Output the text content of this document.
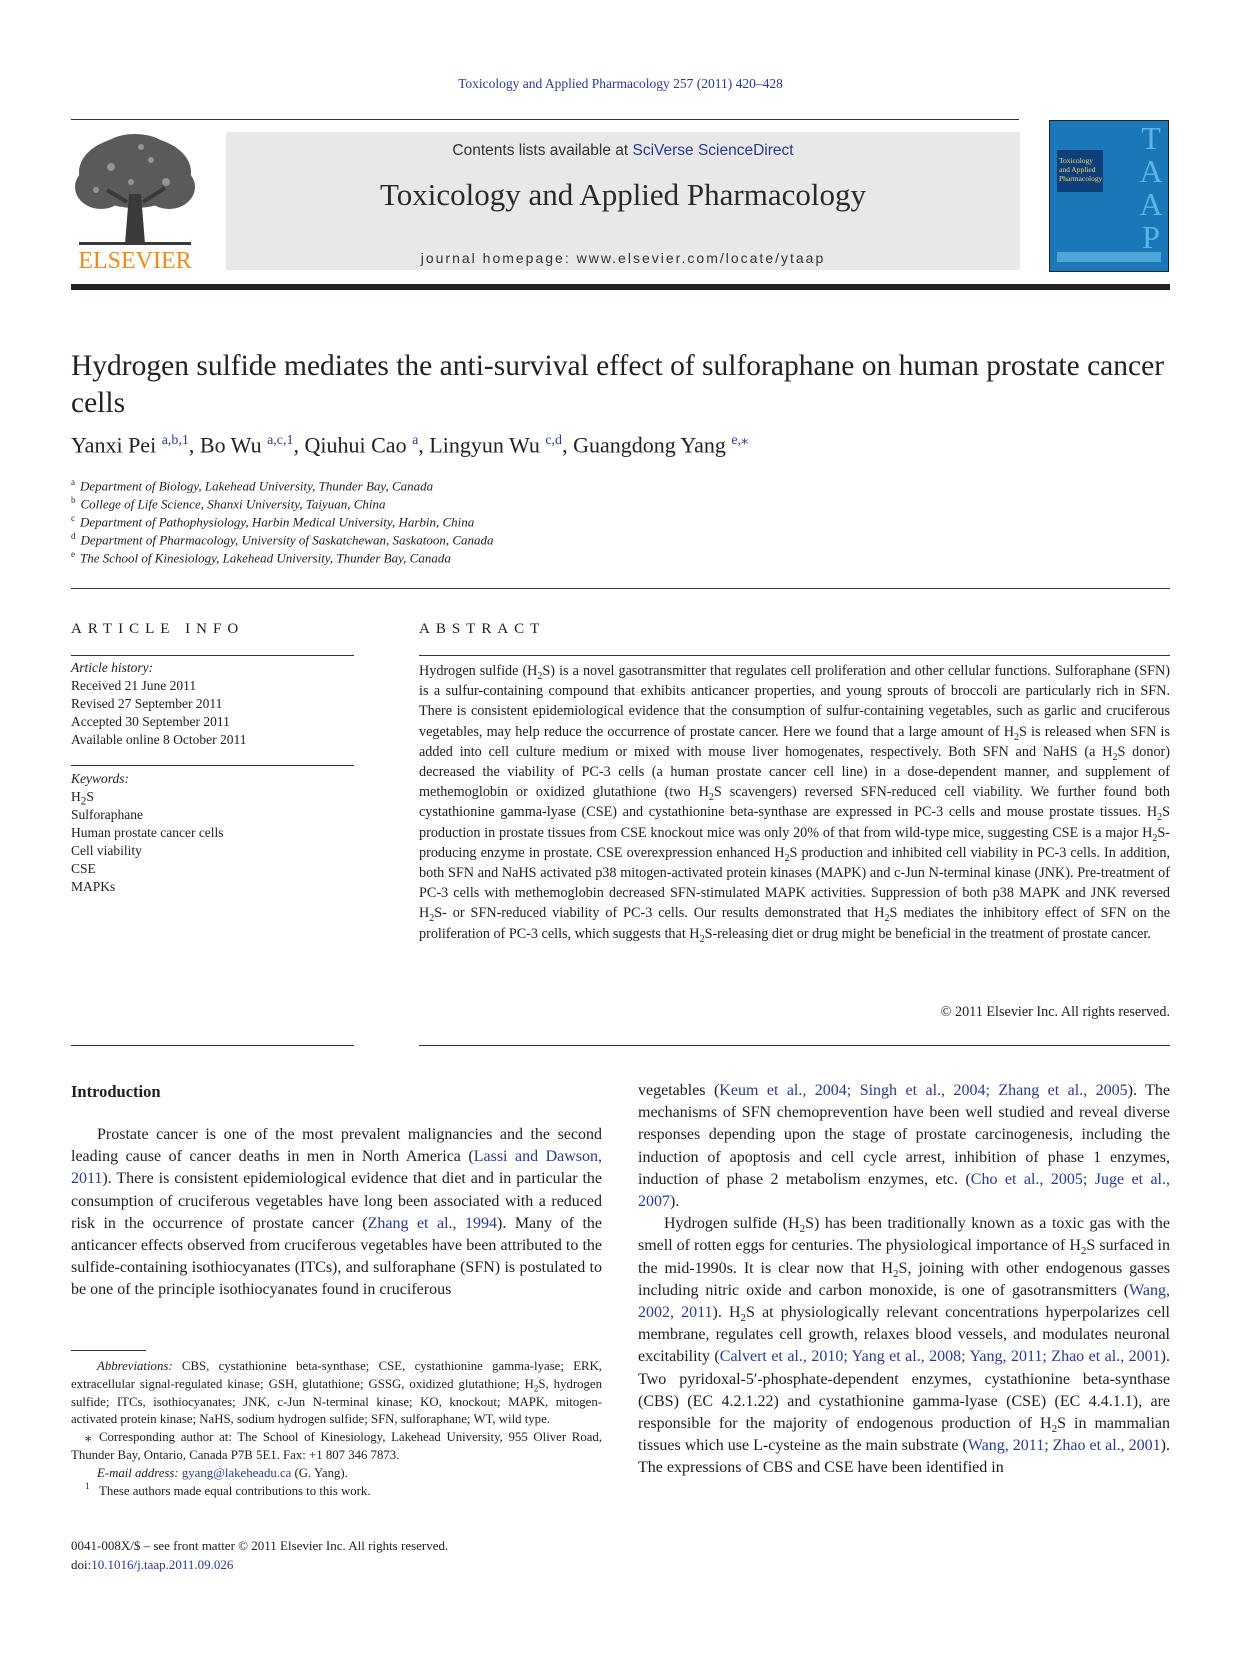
Toxicology and Applied Pharmacology 257 (2011) 420–428
ELSEVIER
Contents lists available at SciVerse ScienceDirect
Toxicology and Applied Pharmacology
journal homepage: www.elsevier.com/locate/ytaap
Toxicology
and Applied
Pharmacology
T
A
A
P
Hydrogen sulfide mediates the anti-survival effect of sulforaphane on human prostate cancer cells
Yanxi Pei $^{a,b,1}$, Bo Wu $^{a,c,1}$, Qiuhui Cao $^a$, Lingyun Wu $^{c,d}$, Guangdong Yang $^{e,⁎}$
$^a$ Department of Biology, Lakehead University, Thunder Bay, Canada
$^b$ College of Life Science, Shanxi University, Taiyuan, China
$^c$ Department of Pathophysiology, Harbin Medical University, Harbin, China
$^d$ Department of Pharmacology, University of Saskatchewan, Saskatoon, Canada
$^e$ The School of Kinesiology, Lakehead University, Thunder Bay, Canada
ARTICLE INFO
Article history:
Received 21 June 2011
Revised 27 September 2011
Accepted 30 September 2011
Available online 8 October 2011
Keywords:
$H_2S$
Sulforaphane
Human prostate cancer cells
Cell viability
CSE
MAPKs
ABSTRACT
Hydrogen sulfide $(H_2S)$ is a novel gasotransmitter that regulates cell proliferation and other cellular functions. Sulforaphane (SFN) is a sulfur-containing compound that exhibits anticancer properties, and young sprouts of broccoli are particularly rich in SFN. There is consistent epidemiological evidence that the consumption of sulfur-containing vegetables, such as garlic and cruciferous vegetables, may help reduce the occurrence of prostate cancer. Here we found that a large amount of $H_2S$ is released when SFN is added into cell culture medium or mixed with mouse liver homogenates, respectively. Both SFN and NaHS (a $H_2S$ donor) decreased the viability of PC-3 cells (a human prostate cancer cell line) in a dose-dependent manner, and supplement of methemoglobin or oxidized glutathione (two $H_2S$ scavengers) reversed SFN-reduced cell viability. We further found both cystathionine gamma-lyase (CSE) and cystathionine beta-synthase are expressed in PC-3 cells and mouse prostate tissues. $H_2S$ production in prostate tissues from CSE knockout mice was only 20% of that from wild-type mice, suggesting CSE is a major $H_2S$-producing enzyme in prostate. CSE overexpression enhanced $H_2S$ production and inhibited cell viability in PC-3 cells. In addition, both SFN and NaHS activated p38 mitogen-activated protein kinases (MAPK) and c-Jun N-terminal kinase (JNK). Pre-treatment of PC-3 cells with methemoglobin decreased SFN-stimulated MAPK activities. Suppression of both p38 MAPK and JNK reversed $H_2S-$ or SFN-reduced viability of PC-3 cells. Our results demonstrated that $H_2S$ mediates the inhibitory effect of SFN on the proliferation of PC-3 cells, which suggests that $H_2S$-releasing diet or drug might be beneficial in the treatment of prostate cancer.
© 2011 Elsevier Inc. All rights reserved.
Introduction
Prostate cancer is one of the most prevalent malignancies and the second leading cause of cancer deaths in men in North America (Lassi and Dawson, 2011). There is consistent epidemiological evidence that diet and in particular the consumption of cruciferous vegetables have long been associated with a reduced risk in the occurrence of prostate cancer (Zhang et al., 1994). Many of the anticancer effects observed from cruciferous vegetables have been attributed to the sulfide-containing isothiocyanates (ITCs), and sulforaphane (SFN) is postulated to be one of the principle isothiocyanates found in cruciferous

vegetables (Keum et al., 2004; Singh et al., 2004; Zhang et al., 2005). The mechanisms of SFN chemoprevention have been well studied and reveal diverse responses depending upon the stage of prostate carcinogenesis, including the induction of apoptosis and cell cycle arrest, inhibition of phase 1 enzymes, induction of phase 2 metabolism enzymes, etc. (Cho et al., 2005; Juge et al., 2007).

Hydrogen sulfide $(H_2S)$ has been traditionally known as a toxic gas with the smell of rotten eggs for centuries. The physiological importance of $H_2S$ surfaced in the mid-1990s. It is clear now that $H_2S$, joining with other endogenous gasses including nitric oxide and carbon monoxide, is one of gasotransmitters (Wang, 2002, 2011). $H_2S$ at physiologically relevant concentrations hyperpolarizes cell membrane, regulates cell growth, relaxes blood vessels, and modulates neuronal excitability (Calvert et al., 2010; Yang et al., 2008; Yang, 2011; Zhao et al., 2001). Two pyridoxal-5′-phosphate-dependent enzymes, cystathionine beta-synthase (CBS) (EC 4.2.1.22) and cystathionine gamma-lyase (CSE) (EC 4.4.1.1), are responsible for the majority of endogenous production of $H_2S$ in mammalian tissues which use L-cysteine as the main substrate (Wang, 2011; Zhao et al., 2001). The expressions of CBS and CSE have been identified in

Abbreviations: CBS, cystathionine beta-synthase; CSE, cystathionine gamma-lyase; ERK, extracellular signal-regulated kinase; GSH, glutathione; GSSG, oxidized glutathione; $H_2S$, hydrogen sulfide; ITCs, isothiocyanates; JNK, c-Jun N-terminal kinase; KO, knockout; MAPK, mitogen-activated protein kinase; NaHS, sodium hydrogen sulfide; SFN, sulforaphane; WT, wild type.

⁎ Corresponding author at: The School of Kinesiology, Lakehead University, 955 Oliver Road, Thunder Bay, Ontario, Canada P7B 5E1. Fax: +1 807 346 7873.

E-mail address: gyang@lakeheadu.ca (G. Yang).

$^1$ These authors made equal contributions to this work.

0041-008X/$ – see front matter © 2011 Elsevier Inc. All rights reserved.
doi:10.1016/j.taap.2011.09.026
